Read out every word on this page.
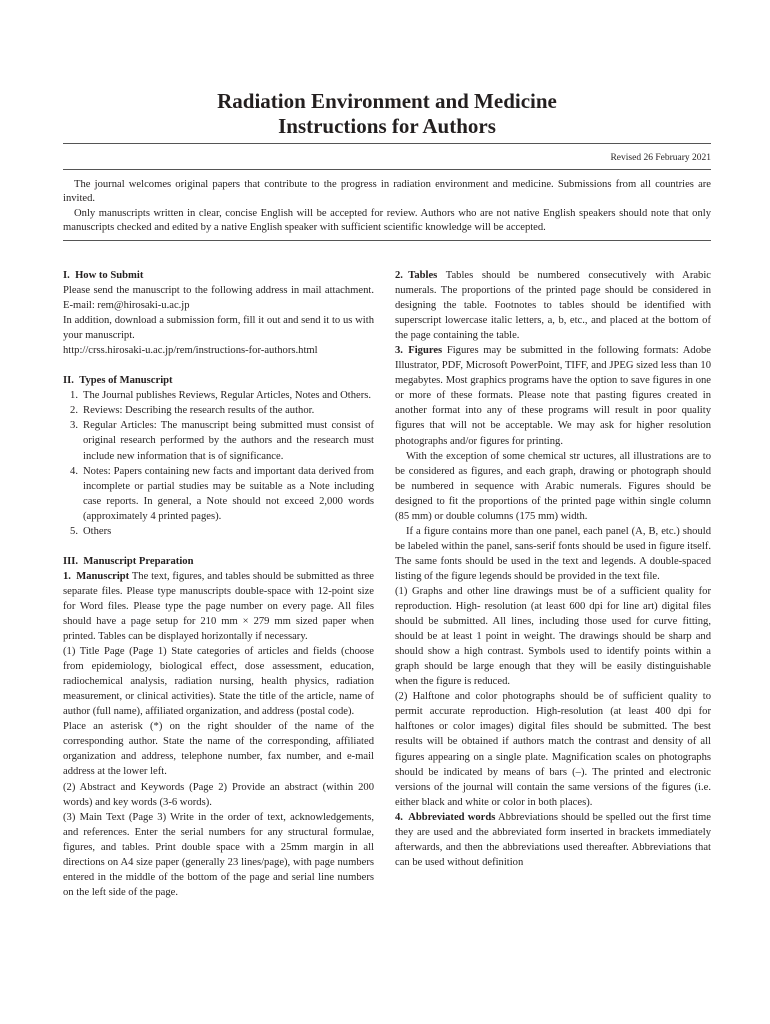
Radiation Environment and Medicine
Instructions for Authors
Revised 26 February 2021

The journal welcomes original papers that contribute to the progress in radiation environment and medicine. Submissions from all countries are invited.

Only manuscripts written in clear, concise English will be accepted for review. Authors who are not native English speakers should note that only manuscripts checked and edited by a native English speaker with sufficient scientific knowledge will be accepted.

I. How to Submit

Please send the manuscript to the following address in mail attachment. E-mail: rem@hirosaki-u.ac.jp

In addition, download a submission form, fill it out and send it to us with your manuscript.

http://crss.hirosaki-u.ac.jp/rem/instructions-for-authors.html

II. Types of Manuscript

1. The Journal publishes Reviews, Regular Articles, Notes and Others.
2. Reviews: Describing the research results of the author.
3. Regular Articles: The manuscript being submitted must consist of original research performed by the authors and the research must include new information that is of significance.
4. Notes: Papers containing new facts and important data derived from incomplete or partial studies may be suitable as a Note including case reports. In general, a Note should not exceed 2,000 words (approximately 4 printed pages).
5. Others

III. Manuscript Preparation

1. Manuscript The text, figures, and tables should be submitted as three separate files. Please type manuscripts double-space with 12-point size for Word files. Please type the page number on every page. All files should have a page setup for 210 mm × 279 mm sized paper when printed. Tables can be displayed horizontally if necessary.

(1) Title Page (Page 1) State categories of articles and fields (choose from epidemiology, biological effect, dose assessment, education, radiochemical analysis, radiation nursing, health physics, radiation measurement, or clinical activities). State the title of the article, name of author (full name), affiliated organization, and address (postal code).

Place an asterisk (*) on the right shoulder of the name of the corresponding author. State the name of the corresponding, affiliated organization and address, telephone number, fax number, and e-mail address at the lower left.

(2) Abstract and Keywords (Page 2) Provide an abstract (within 200 words) and key words (3-6 words).

(3) Main Text (Page 3) Write in the order of text, acknowledgements, and references. Enter the serial numbers for any structural formulae, figures, and tables. Print double space with a 25mm margin in all directions on A4 size paper (generally 23 lines/page), with page numbers entered in the middle of the bottom of the page and serial line numbers on the left side of the page.

2. Tables Tables should be numbered consecutively with Arabic numerals. The proportions of the printed page should be considered in designing the table. Footnotes to tables should be identified with superscript lowercase italic letters, a, b, etc., and placed at the bottom of the page containing the table.

3. Figures Figures may be submitted in the following formats: Adobe Illustrator, PDF, Microsoft PowerPoint, TIFF, and JPEG sized less than 10 megabytes. Most graphics programs have the option to save figures in one or more of these formats. Please note that pasting figures created in another format into any of these programs will result in poor quality figures that will not be acceptable. We may ask for higher resolution photographs and/or figures for printing.

With the exception of some chemical str uctures, all illustrations are to be considered as figures, and each graph, drawing or photograph should be numbered in sequence with Arabic numerals. Figures should be designed to fit the proportions of the printed page within single column (85 mm) or double columns (175 mm) width.

If a figure contains more than one panel, each panel (A, B, etc.) should be labeled within the panel, sans-serif fonts should be used in figure itself. The same fonts should be used in the text and legends. A double-spaced listing of the figure legends should be provided in the text file.

(1) Graphs and other line drawings must be of a sufficient quality for reproduction. High- resolution (at least 600 dpi for line art) digital files should be submitted. All lines, including those used for curve fitting, should be at least 1 point in weight. The drawings should be sharp and should show a high contrast. Symbols used to identify points within a graph should be large enough that they will be easily distinguishable when the figure is reduced.

(2) Halftone and color photographs should be of sufficient quality to permit accurate reproduction. High-resolution (at least 400 dpi for halftones or color images) digital files should be submitted. The best results will be obtained if authors match the contrast and density of all figures appearing on a single plate. Magnification scales on photographs should be indicated by means of bars (–). The printed and electronic versions of the journal will contain the same versions of the figures (i.e. either black and white or color in both places).

4. Abbreviated words Abbreviations should be spelled out the first time they are used and the abbreviated form inserted in brackets immediately afterwards, and then the abbreviations used thereafter. Abbreviations that can be used without definition
